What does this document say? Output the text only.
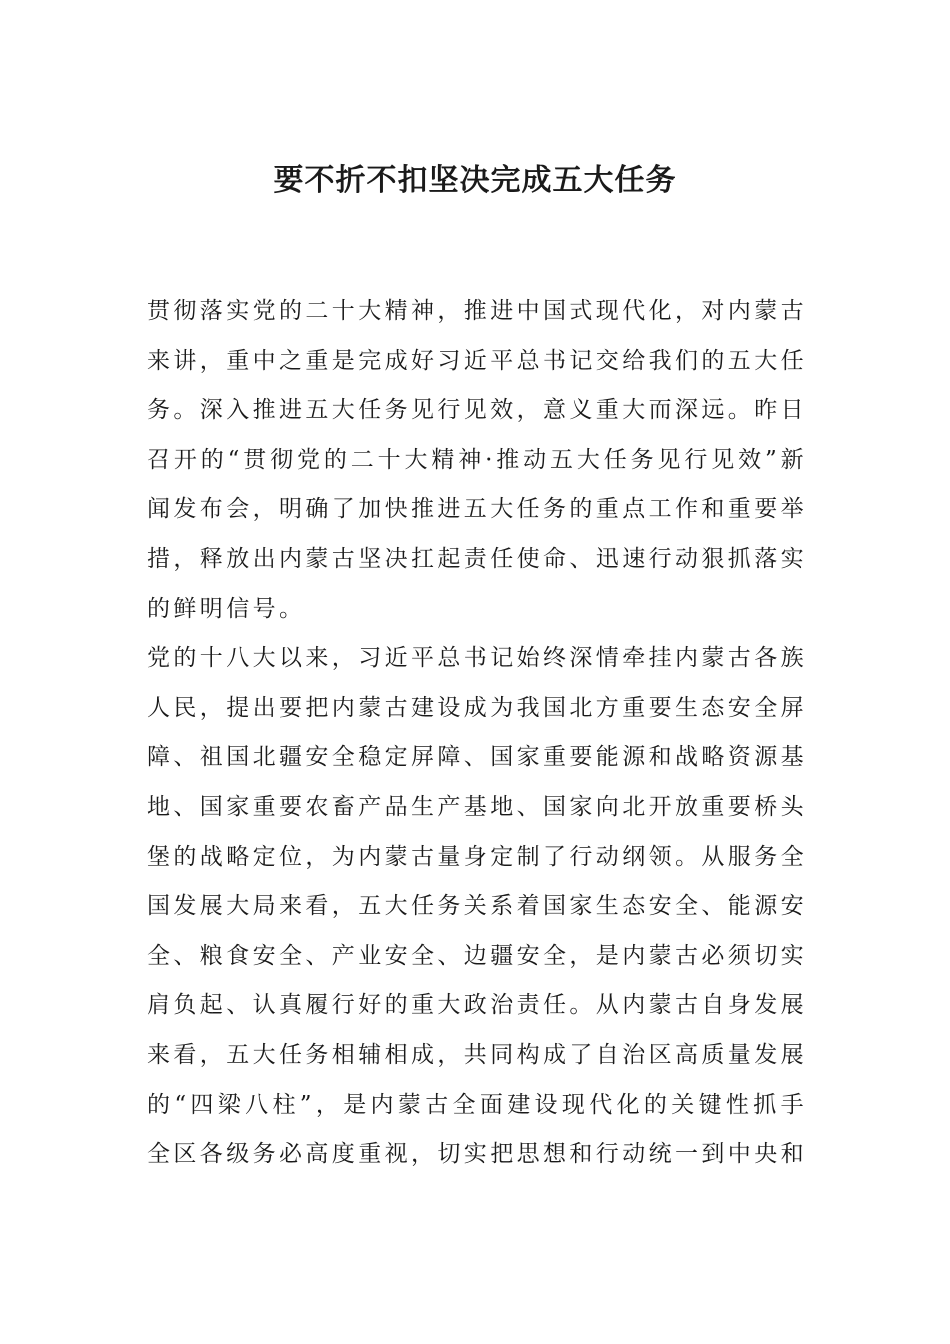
要不折不扣坚决完成五大任务

贯彻落实党的二十大精神，推进中国式现代化，对内蒙古
来讲，重中之重是完成好习近平总书记交给我们的五大任
务。深入推进五大任务见行见效，意义重大而深远。昨日
召开的“贯彻党的二十大精神·推动五大任务见行见效”新
闻发布会，明确了加快推进五大任务的重点工作和重要举
措，释放出内蒙古坚决扛起责任使命、迅速行动狠抓落实
的鲜明信号。

党的十八大以来，习近平总书记始终深情牵挂内蒙古各族
人民，提出要把内蒙古建设成为我国北方重要生态安全屏
障、祖国北疆安全稳定屏障、国家重要能源和战略资源基
地、国家重要农畜产品生产基地、国家向北开放重要桥头
堡的战略定位，为内蒙古量身定制了行动纲领。从服务全
国发展大局来看，五大任务关系着国家生态安全、能源安
全、粮食安全、产业安全、边疆安全，是内蒙古必须切实
肩负起、认真履行好的重大政治责任。从内蒙古自身发展
来看，五大任务相辅相成，共同构成了自治区高质量发展
的“四梁八柱”，是内蒙古全面建设现代化的关键性抓手
全区各级务必高度重视，切实把思想和行动统一到中央和
